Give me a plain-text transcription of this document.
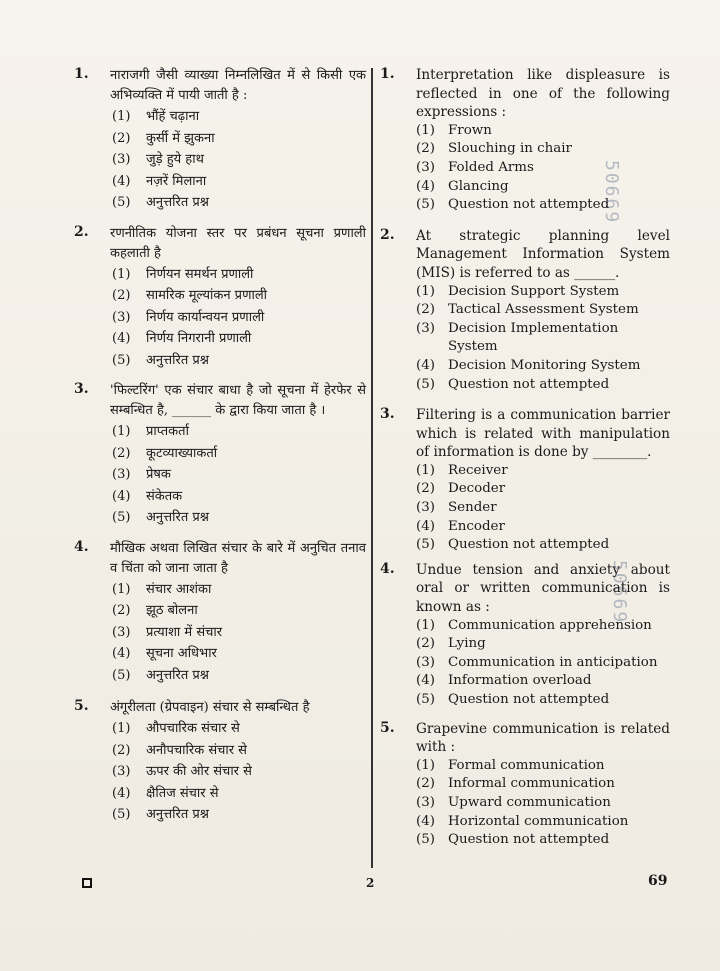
50669
50669
1. नाराजगी जैसी व्याख्या निम्नलिखित में से किसी एक अभिव्यक्ति में पायी जाती है :
(1)	भौंहें चढ़ाना
(2)	कुर्सी में झुकना
(3)	जुड़े हुये हाथ
(4)	नज़रें मिलाना
(5)	अनुत्तरित प्रश्न
2. रणनीतिक योजना स्तर पर प्रबंधन सूचना प्रणाली कहलाती है
(1)	निर्णयन समर्थन प्रणाली
(2)	सामरिक मूल्यांकन प्रणाली
(3)	निर्णय कार्यान्वयन प्रणाली
(4)	निर्णय निगरानी प्रणाली
(5)	अनुत्तरित प्रश्न
3. 'फिल्टरिंग' एक संचार बाधा है जो सूचना में हेरफेर से सम्बन्धित है, ______ के द्वारा किया जाता है ।
(1)	प्राप्तकर्ता
(2)	कूटव्याख्याकर्ता
(3)	प्रेषक
(4)	संकेतक
(5)	अनुत्तरित प्रश्न
4. मौखिक अथवा लिखित संचार के बारे में अनुचित तनाव व चिंता को जाना जाता है
(1)	संचार आशंका
(2)	झूठ बोलना
(3)	प्रत्याशा में संचार
(4)	सूचना अधिभार
(5)	अनुत्तरित प्रश्न
5. अंगूरीलता (ग्रेपवाइन) संचार से सम्बन्धित है
(1)	औपचारिक संचार से
(2)	अनौपचारिक संचार से
(3)	ऊपर की ओर संचार से
(4)	क्षैतिज संचार से
(5)	अनुत्तरित प्रश्न
1. Interpretation like displeasure is reflected in one of the following expressions :
(1) Frown
(2) Slouching in chair
(3) Folded Arms
(4) Glancing
(5) Question not attempted
2. At strategic planning level Management Information System (MIS) is referred to as ______.
(1) Decision Support System
(2) Tactical Assessment System
(3) Decision Implementation System
(4) Decision Monitoring System
(5) Question not attempted
3. Filtering is a communication barrier which is related with manipulation of information is done by ________.
(1) Receiver
(2) Decoder
(3) Sender
(4) Encoder
(5) Question not attempted
4. Undue tension and anxiety about oral or written communication is known as :
(1) Communication apprehension
(2) Lying
(3) Communication in anticipation
(4) Information overload
(5) Question not attempted
5. Grapevine communication is related with :
(1) Formal communication
(2) Informal communication
(3) Upward communication
(4) Horizontal communication
(5) Question not attempted
2	69
